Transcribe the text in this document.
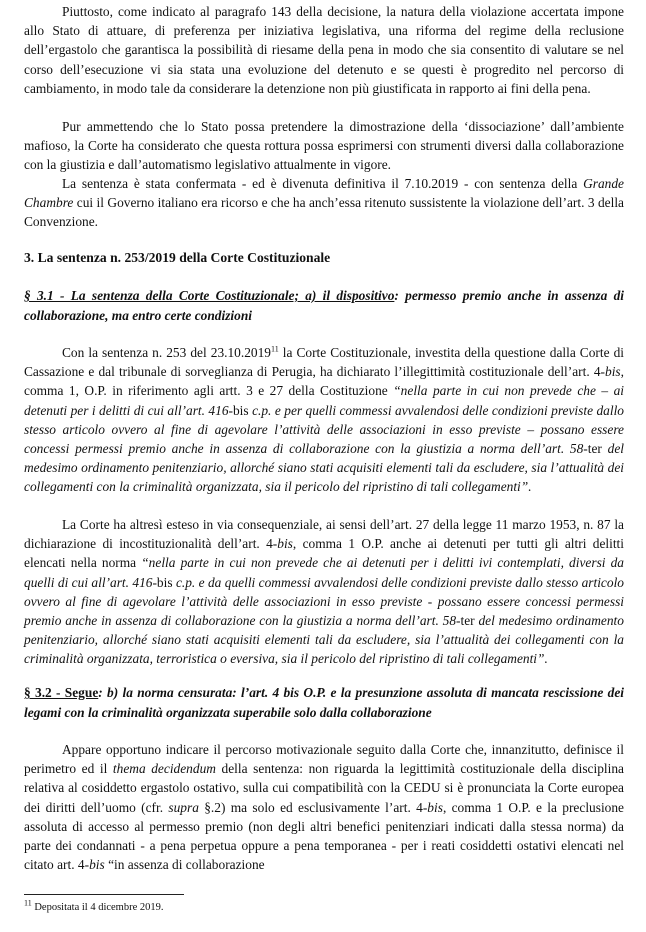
Piuttosto, come indicato al paragrafo 143 della decisione, la natura della violazione accertata impone allo Stato di attuare, di preferenza per iniziativa legislativa, una riforma del regime della reclusione dell’ergastolo che garantisca la possibilità di riesame della pena in modo che sia consentito di valutare se nel corso dell’esecuzione vi sia stata una evoluzione del detenuto e se questi è progredito nel percorso di cambiamento, in modo tale da considerare la detenzione non più giustificata in rapporto ai fini della pena.

Pur ammettendo che lo Stato possa pretendere la dimostrazione della ‘dissociazione’ dall’ambiente mafioso, la Corte ha considerato che questa rottura possa esprimersi con strumenti diversi dalla collaborazione con la giustizia e dall’automatismo legislativo attualmente in vigore.

La sentenza è stata confermata - ed è divenuta definitiva il 7.10.2019 - con sentenza della Grande Chambre cui il Governo italiano era ricorso e che ha anch’essa ritenuto sussistente la violazione dell’art. 3 della Convenzione.

3. La sentenza n. 253/2019 della Corte Costituzionale

§ 3.1 - La sentenza della Corte Costituzionale; a) il dispositivo: permesso premio anche in assenza di collaborazione, ma entro certe condizioni

Con la sentenza n. 253 del 23.10.2019$^{11}$ la Corte Costituzionale, investita della questione dalla Corte di Cassazione e dal tribunale di sorveglianza di Perugia, ha dichiarato l’illegittimità costituzionale dell’art. 4-bis, comma 1, O.P. in riferimento agli artt. 3 e 27 della Costituzione “nella parte in cui non prevede che – ai detenuti per i delitti di cui all’art. 416-bis c.p. e per quelli commessi avvalendosi delle condizioni previste dallo stesso articolo ovvero al fine di agevolare l’attività delle associazioni in esso previste – possano essere concessi permessi premio anche in assenza di collaborazione con la giustizia a norma dell’art. 58-ter del medesimo ordinamento penitenziario, allorché siano stati acquisiti elementi tali da escludere, sia l’attualità dei collegamenti con la criminalità organizzata, sia il pericolo del ripristino di tali collegamenti”.

La Corte ha altresì esteso in via consequenziale, ai sensi dell’art. 27 della legge 11 marzo 1953, n. 87 la dichiarazione di incostituzionalità dell’art. 4-bis, comma 1 O.P. anche ai detenuti per tutti gli altri delitti elencati nella norma “nella parte in cui non prevede che ai detenuti per i delitti ivi contemplati, diversi da quelli di cui all’art. 416-bis c.p. e da quelli commessi avvalendosi delle condizioni previste dallo stesso articolo ovvero al fine di agevolare l’attività delle associazioni in esso previste - possano essere concessi permessi premio anche in assenza di collaborazione con la giustizia a norma dell’art. 58-ter del medesimo ordinamento penitenziario, allorché siano stati acquisiti elementi tali da escludere, sia l’attualità dei collegamenti con la criminalità organizzata, terroristica o eversiva, sia il pericolo del ripristino di tali collegamenti”.

§ 3.2 - Segue: b) la norma censurata: l’art. 4 bis O.P. e la presunzione assoluta di mancata rescissione dei legami con la criminalità organizzata superabile solo dalla collaborazione

Appare opportuno indicare il percorso motivazionale seguito dalla Corte che, innanzitutto, definisce il perimetro ed il thema decidendum della sentenza: non riguarda la legittimità costituzionale della disciplina relativa al cosiddetto ergastolo ostativo, sulla cui compatibilità con la CEDU si è pronunciata la Corte europea dei diritti dell’uomo (cfr. supra §.2) ma solo ed esclusivamente l’art. 4-bis, comma 1 O.P. e la preclusione assoluta di accesso al permesso premio (non degli altri benefici penitenziari indicati dalla stessa norma) da parte dei condannati - a pena perpetua oppure a pena temporanea - per i reati cosiddetti ostativi elencati nel citato art. 4-bis “in assenza di collaborazione

$^{11}$ Depositata il 4 dicembre 2019.
